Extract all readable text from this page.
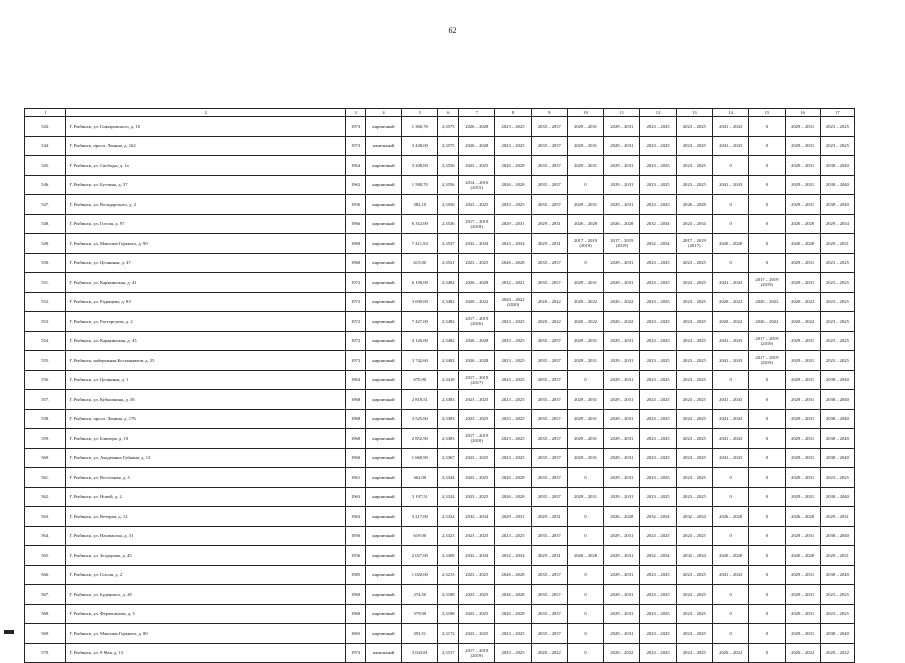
62
1	2	3	4	5	6	7	8	9	10	11	12	13	14	15	16	17
543.	Г. Рыбинск, ул. Гончаровского, д. 10	1973	кирпичный	1 366,70	2,3575	2026 – 2028	2023 – 2025	2035 – 2037	2029 – 2031	2029 – 2031	2023 – 2025	2023 – 2025	2041 – 2043	0	2029 – 2031	2023 – 2025
544.	Г. Рыбинск, просп. Ленина, д. 162	1973	панельный	3 438,00	2,3575	2026 – 2028	2023 – 2025	2035 – 2037	2029 – 2031	2029 – 2031	2023 – 2025	2023 – 2025	2041 – 2043	0	2029 – 2031	2023 – 2025
545.	Г. Рыбинск, ул. Свободы, д. 1а	1964	кирпичный	3 208,00	2,3556	2023 – 2025	2026 – 2028	2035 – 2037	2029 – 2031	2029 – 2031	2023 – 2025	2023 – 2025	0	0	2029 – 2031	2038 – 2040
546.	Г. Рыбинск, ул. Бутлина, д. 37	1962	кирпичный	1 588,70	2,3556	2014 – 2016 (2015)	2026 – 2028	2035 – 2037	0	2029 – 2031	2023 – 2025	2023 – 2025	2041 – 2043	0	2029 – 2031	2038 – 2040
547.	Г. Рыбинск, ул. Володарского, д. 2	1956	кирпичный	382,10	2,3556	2023 – 2025	2023 – 2025	2035 – 2037	2029 – 2031	2029 – 2031	2023 – 2025	2026 – 2028	0	0	2029 – 2031	2038 – 2040
548.	Г. Рыбинск, ул. Гоголя, д. 97	1966	кирпичный	6 352,00	2,3536	2017 – 2019 (2018)	2029 – 2031	2029 – 2031	2026 – 2028	2026 – 2028	2032 – 2034	2023 – 2034	0	0	2026 – 2028	2029 – 2034
549.	Г. Рыбинск, ул. Максима Горького, д. 90	1968	кирпичный	7 411,94	2,3537	2032 – 2034	2023 – 2034	2029 – 2031	2017 – 2019 (2019)	2017 – 2019 (2019)	2032 – 2034	2017 – 2019 (2017)	2026 – 2028	0	2026 – 2028	2029 – 2031
550.	Г. Рыбинск, ул. Целинная, д. 47	1960	кирпичный	615,00	2,3521	2023 – 2025	2026 – 2028	2035 – 2037	0	2029 – 2031	2023 – 2025	2023 – 2025	0	0	2029 – 2031	2023 – 2025
551.	Г. Рыбинск, ул. Карякинская, д. 41	1972	кирпичный	6 190,00	2,3482	2026 – 2028	2032 – 2021	2035 – 2037	2029 – 2031	2029 – 2031	2023 – 2025	2023 – 2025	2041 – 2043	2017 – 2019 (2019)	2029 – 2031	2023 – 2025
552.	Г. Рыбинск, ул. Радищева, д. 83	1972	кирпичный	3 690,00	2,3482	2020 – 2022	2020 – 2022 (2020)	2020 – 2022	2020 – 2022	2020 – 2022	2023 – 2025	2023 – 2025	2020 – 2022	2020 – 2022	2020 – 2022	2023 – 2025
553.	Г. Рыбинск, ул. Расторгуева, д. 2	1972	кирпичный	7 427,00	2,3482	2017 – 2019 (2016)	2023 – 2025	2020 – 2022	2020 – 2022	2020 – 2022	2023 – 2025	2023 – 2025	2020 – 2022	2026 – 2022	2020 – 2022	2023 – 2025
554.	Г. Рыбинск, ул. Карякинская, д. 43	1972	кирпичный	4 126,00	2,3482	2026 – 2028	2023 – 2025	2035 – 2037	2029 – 2031	2029 – 2031	2023 – 2025	2023 – 2025	2041 – 2043	2017 – 2019 (2019)	2029 – 2031	2023 – 2025
555.	Г. Рыбинск, набережная Космонавтов, д. 25	1972	кирпичный	3 742,60	2,3482	2026 – 2028	2023 – 2025	2035 – 2037	2029 – 2031	2029 – 2031	2023 – 2025	2023 – 2025	2041 – 2043	2017 – 2019 (2019)	2029 – 2031	2023 – 2025
556.	Г. Рыбинск, ул. Целинная, д. 1	1964	кирпичный	670,90	2,3418	2017 – 2019 (2017)	2023 – 2025	2035 – 2037	0	2029 – 2031	2023 – 2025	2023 – 2025	0	0	2029 – 2031	2038 – 2040
557.	Г. Рыбинск, ул. Кубышкина, д. 36	1968	кирпичный	2 818,51	2,3383	2023 – 2025	2023 – 2025	2035 – 2037	2029 – 2031	2029 – 2031	2023 – 2025	2023 – 2025	2041 – 2043	0	2029 – 2031	2038 – 2040
558.	Г. Рыбинск, просп. Ленина, д. 176	1968	кирпичный	3 525,60	2,3383	2023 – 2025	2023 – 2025	2035 – 2037	2029 – 2031	2029 – 2031	2023 – 2025	2023 – 2025	2041 – 2043	0	2029 – 2031	2038 – 2040
559.	Г. Рыбинск, ул. Блюхера, д. 10	1968	кирпичный	2 852,90	2,3383	2017 – 2019 (2018)	2023 – 2025	2035 – 2037	2029 – 2031	2029 – 2031	2023 – 2025	2023 – 2025	2041 – 2043	0	2029 – 2031	2038 – 2040
560.	Г. Рыбинск, ул. Академика Губкина, д. 12	1960	кирпичный	1 660,90	2,3367	2023 – 2025	2023 – 2025	2035 – 2037	2029 – 2031	2029 – 2031	2023 – 2025	2023 – 2025	2041 – 2043	0	2029 – 2031	2038 – 2040
561.	Г. Рыбинск, ул. Восточная, д. 5	1961	кирпичный	462,00	2,3344	2023 – 2025	2026 – 2028	2035 – 2037	0	2029 – 2031	2023 – 2025	2023 – 2025	0	0	2029 – 2031	2023 – 2025
562.	Г. Рыбинск, ул. Новой, д. 2	1963	кирпичный	3 197,51	2,3324	2023 – 2025	2026 – 2028	2035 – 2037	2029 – 2031	2029 – 2031	2023 – 2025	2023 – 2025	0	0	2029 – 2031	2038 – 2040
563.	Г. Рыбинск, ул. Ветеран, д. 12	1963	кирпичный	3 217,00	2,3324	2032 – 2034	2029 – 2031	2029 – 2031	0	2026 – 2028	2032 – 2034	2032 – 2034	2026 – 2028	0	2026 – 2028	2029 – 2031
564.	Г. Рыбинск, ул. Нахимсона, д. 31	1956	кирпичный	619,00	2,3323	2023 – 2025	2023 – 2025	2035 – 2037	0	2029 – 2031	2023 – 2025	2023 – 2025	0	0	2029 – 2031	2038 – 2040
565.	Г. Рыбинск, ул. Зелдорова, д. 45	1956	кирпичный	2 027,00	2,3308	2032 – 2034	2032 – 2034	2029 – 2031	2026 – 2028	2029 – 2031	2032 – 2034	2032 – 2034	2026 – 2028	0	2026 – 2028	2029 – 2031
566.	Г. Рыбинск, ул. Гоголя, д. 2	1985	кирпичный	1 020,00	2,3213	2023 – 2025	2026 – 2028	2035 – 2037	0	2029 – 2031	2023 – 2025	2023 – 2025	2041 – 2043	0	2029 – 2031	2038 – 2040
567.	Г. Рыбинск, ул. Буденного, д. 28	1960	кирпичный	274,50	2,3188	2023 – 2025	2026 – 2028	2035 – 2037	0	2029 – 2031	2023 – 2025	2023 – 2025	0	0	2029 – 2031	2023 – 2025
568.	Г. Рыбинск, ул. Ферапонтова, д. 5	1960	кирпичный	379,00	2,3188	2023 – 2025	2026 – 2028	2035 – 2037	0	2029 – 2031	2023 – 2025	2023 – 2025	0	0	2029 – 2031	2023 – 2025
569.	Г. Рыбинск, ул. Максима Горького, д. 80	1965	кирпичный	393,51	2,3172	2023 – 2025	2023 – 2025	2035 – 2037	0	2029 – 2031	2023 – 2025	2023 – 2025	0	0	2029 – 2031	2038 – 2040
570.	Г. Рыбинск, ул. 9 Мая, д. 13	1973	панельный	3 043,81	2,3157	2017 – 2019 (2019)	2023 – 2025	2020 – 2022	0	2020 – 2022	2023 – 2025	2023 – 2025	2020 – 2022	0	2020 – 2022	2020 – 2022
